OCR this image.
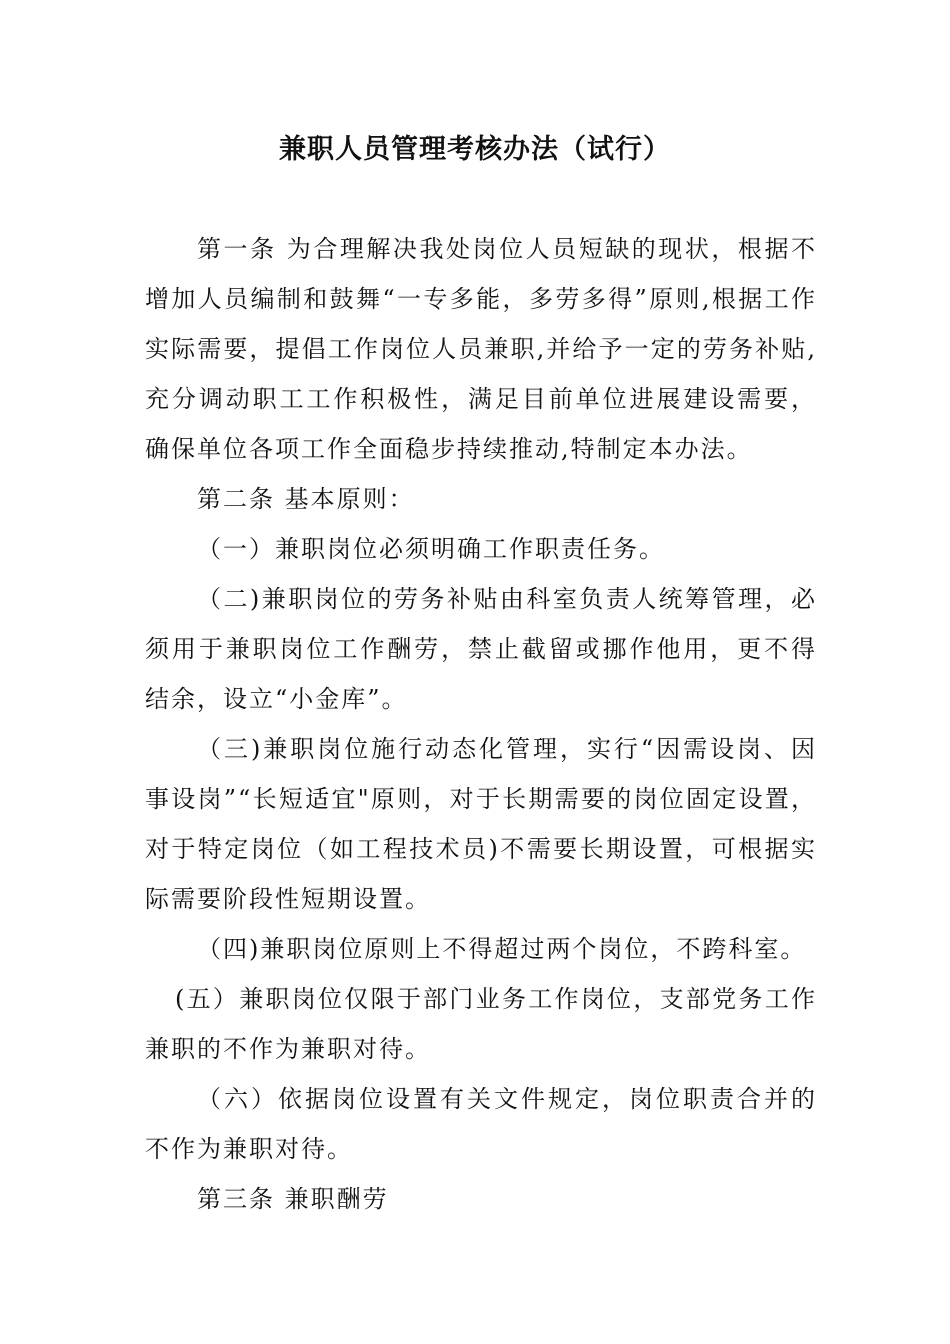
兼职人员管理考核办法（试行）

第一条 为合理解决我处岗位人员短缺的现状，根据不增加人员编制和鼓舞“一专多能，多劳多得”原则,根据工作实际需要，提倡工作岗位人员兼职,并给予一定的劳务补贴,充分调动职工工作积极性，满足目前单位进展建设需要，确保单位各项工作全面稳步持续推动,特制定本办法。

第二条 基本原则：

（一）兼职岗位必须明确工作职责任务。

（二)兼职岗位的劳务补贴由科室负责人统筹管理，必须用于兼职岗位工作酬劳，禁止截留或挪作他用，更不得结余，设立“小金库”。

（三)兼职岗位施行动态化管理，实行“因需设岗、因事设岗”“长短适宜"原则，对于长期需要的岗位固定设置，对于特定岗位（如工程技术员)不需要长期设置，可根据实际需要阶段性短期设置。

（四)兼职岗位原则上不得超过两个岗位，不跨科室。

(五）兼职岗位仅限于部门业务工作岗位，支部党务工作兼职的不作为兼职对待。

（六）依据岗位设置有关文件规定，岗位职责合并的不作为兼职对待。

第三条 兼职酬劳
